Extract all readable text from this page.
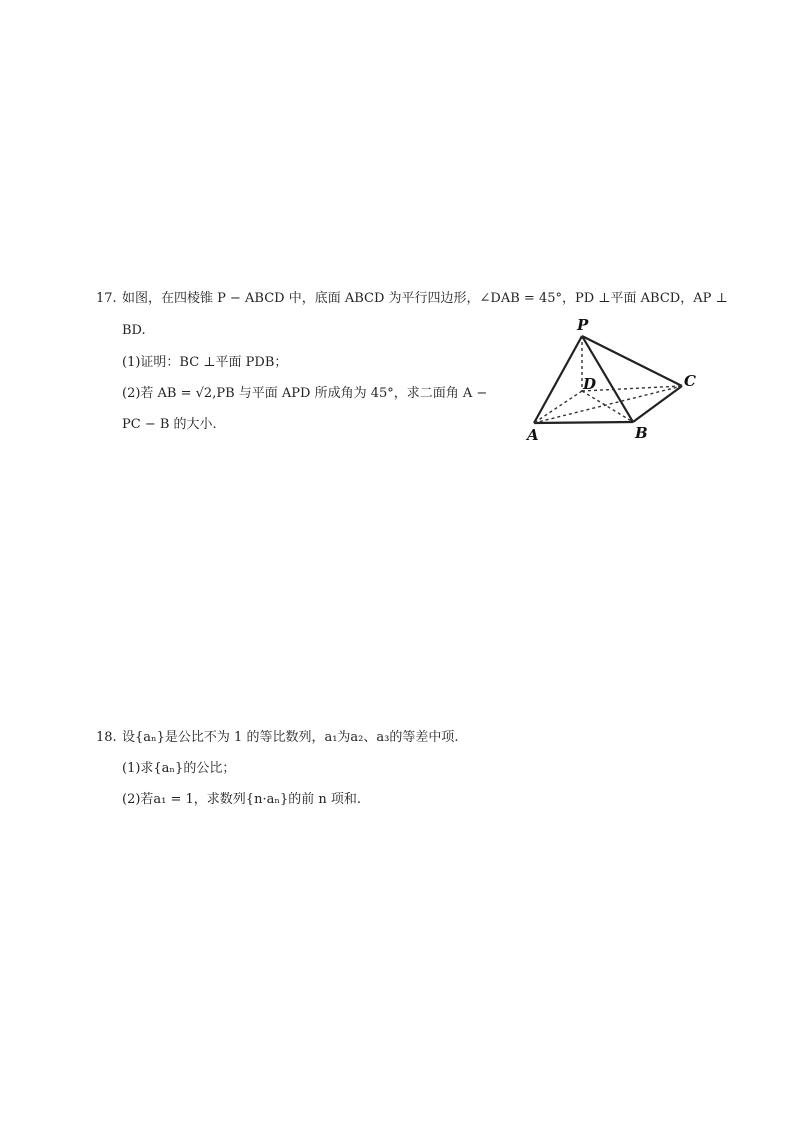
17. 如图，在四棱锥 P − ABCD 中，底面 ABCD 为平行四边形，∠DAB = 45°，PD ⊥平面 ABCD，AP ⊥
BD.
(1)证明：BC ⊥平面 PDB；
(2)若 AB = √2,PB 与平面 APD 所成角为 45°，求二面角 A −
PC − B 的大小.
P
D	C
A	B
18. 设{aₙ}是公比不为 1 的等比数列，a₁为a₂、a₃的等差中项.
(1)求{aₙ}的公比；
(2)若a₁ = 1，求数列{n·aₙ}的前 n 项和.
